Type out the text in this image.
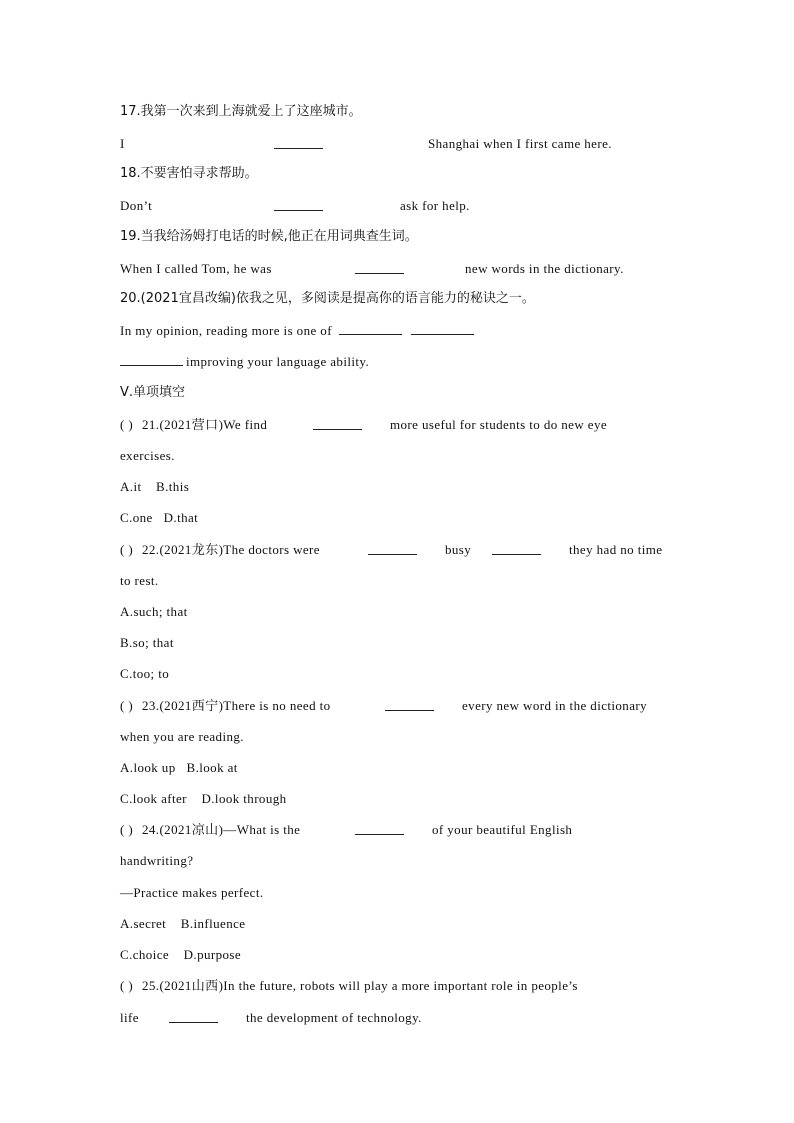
17.我第一次来到上海就爱上了这座城市。
I	Shanghai when I first came here.
18.不要害怕寻求帮助。
Don’t	ask for help.
19.当我给汤姆打电话的时候,他正在用词典查生词。
When I called Tom, he was	new words in the dictionary.
20.(2021宜昌改编)依我之见，多阅读是提高你的语言能力的秘诀之一。
In my opinion, reading more is one of
improving your language ability.
Ⅴ.单项填空
( ) 21.(2021营口)We find	more useful for students to do new eye
exercises.
A.it    B.this
C.one   D.that
( ) 22.(2021龙东)The doctors were	busy	they had no time
to rest.
A.such; that
B.so; that
C.too; to
( ) 23.(2021西宁)There is no need to	every new word in the dictionary
when you are reading.
A.look up   B.look at
C.look after    D.look through
( ) 24.(2021凉山)—What is the	of your beautiful English
handwriting?
—Practice makes perfect.
A.secret    B.influence
C.choice    D.purpose
( ) 25.(2021山西)In the future, robots will play a more important role in people’s
life	the development of technology.
